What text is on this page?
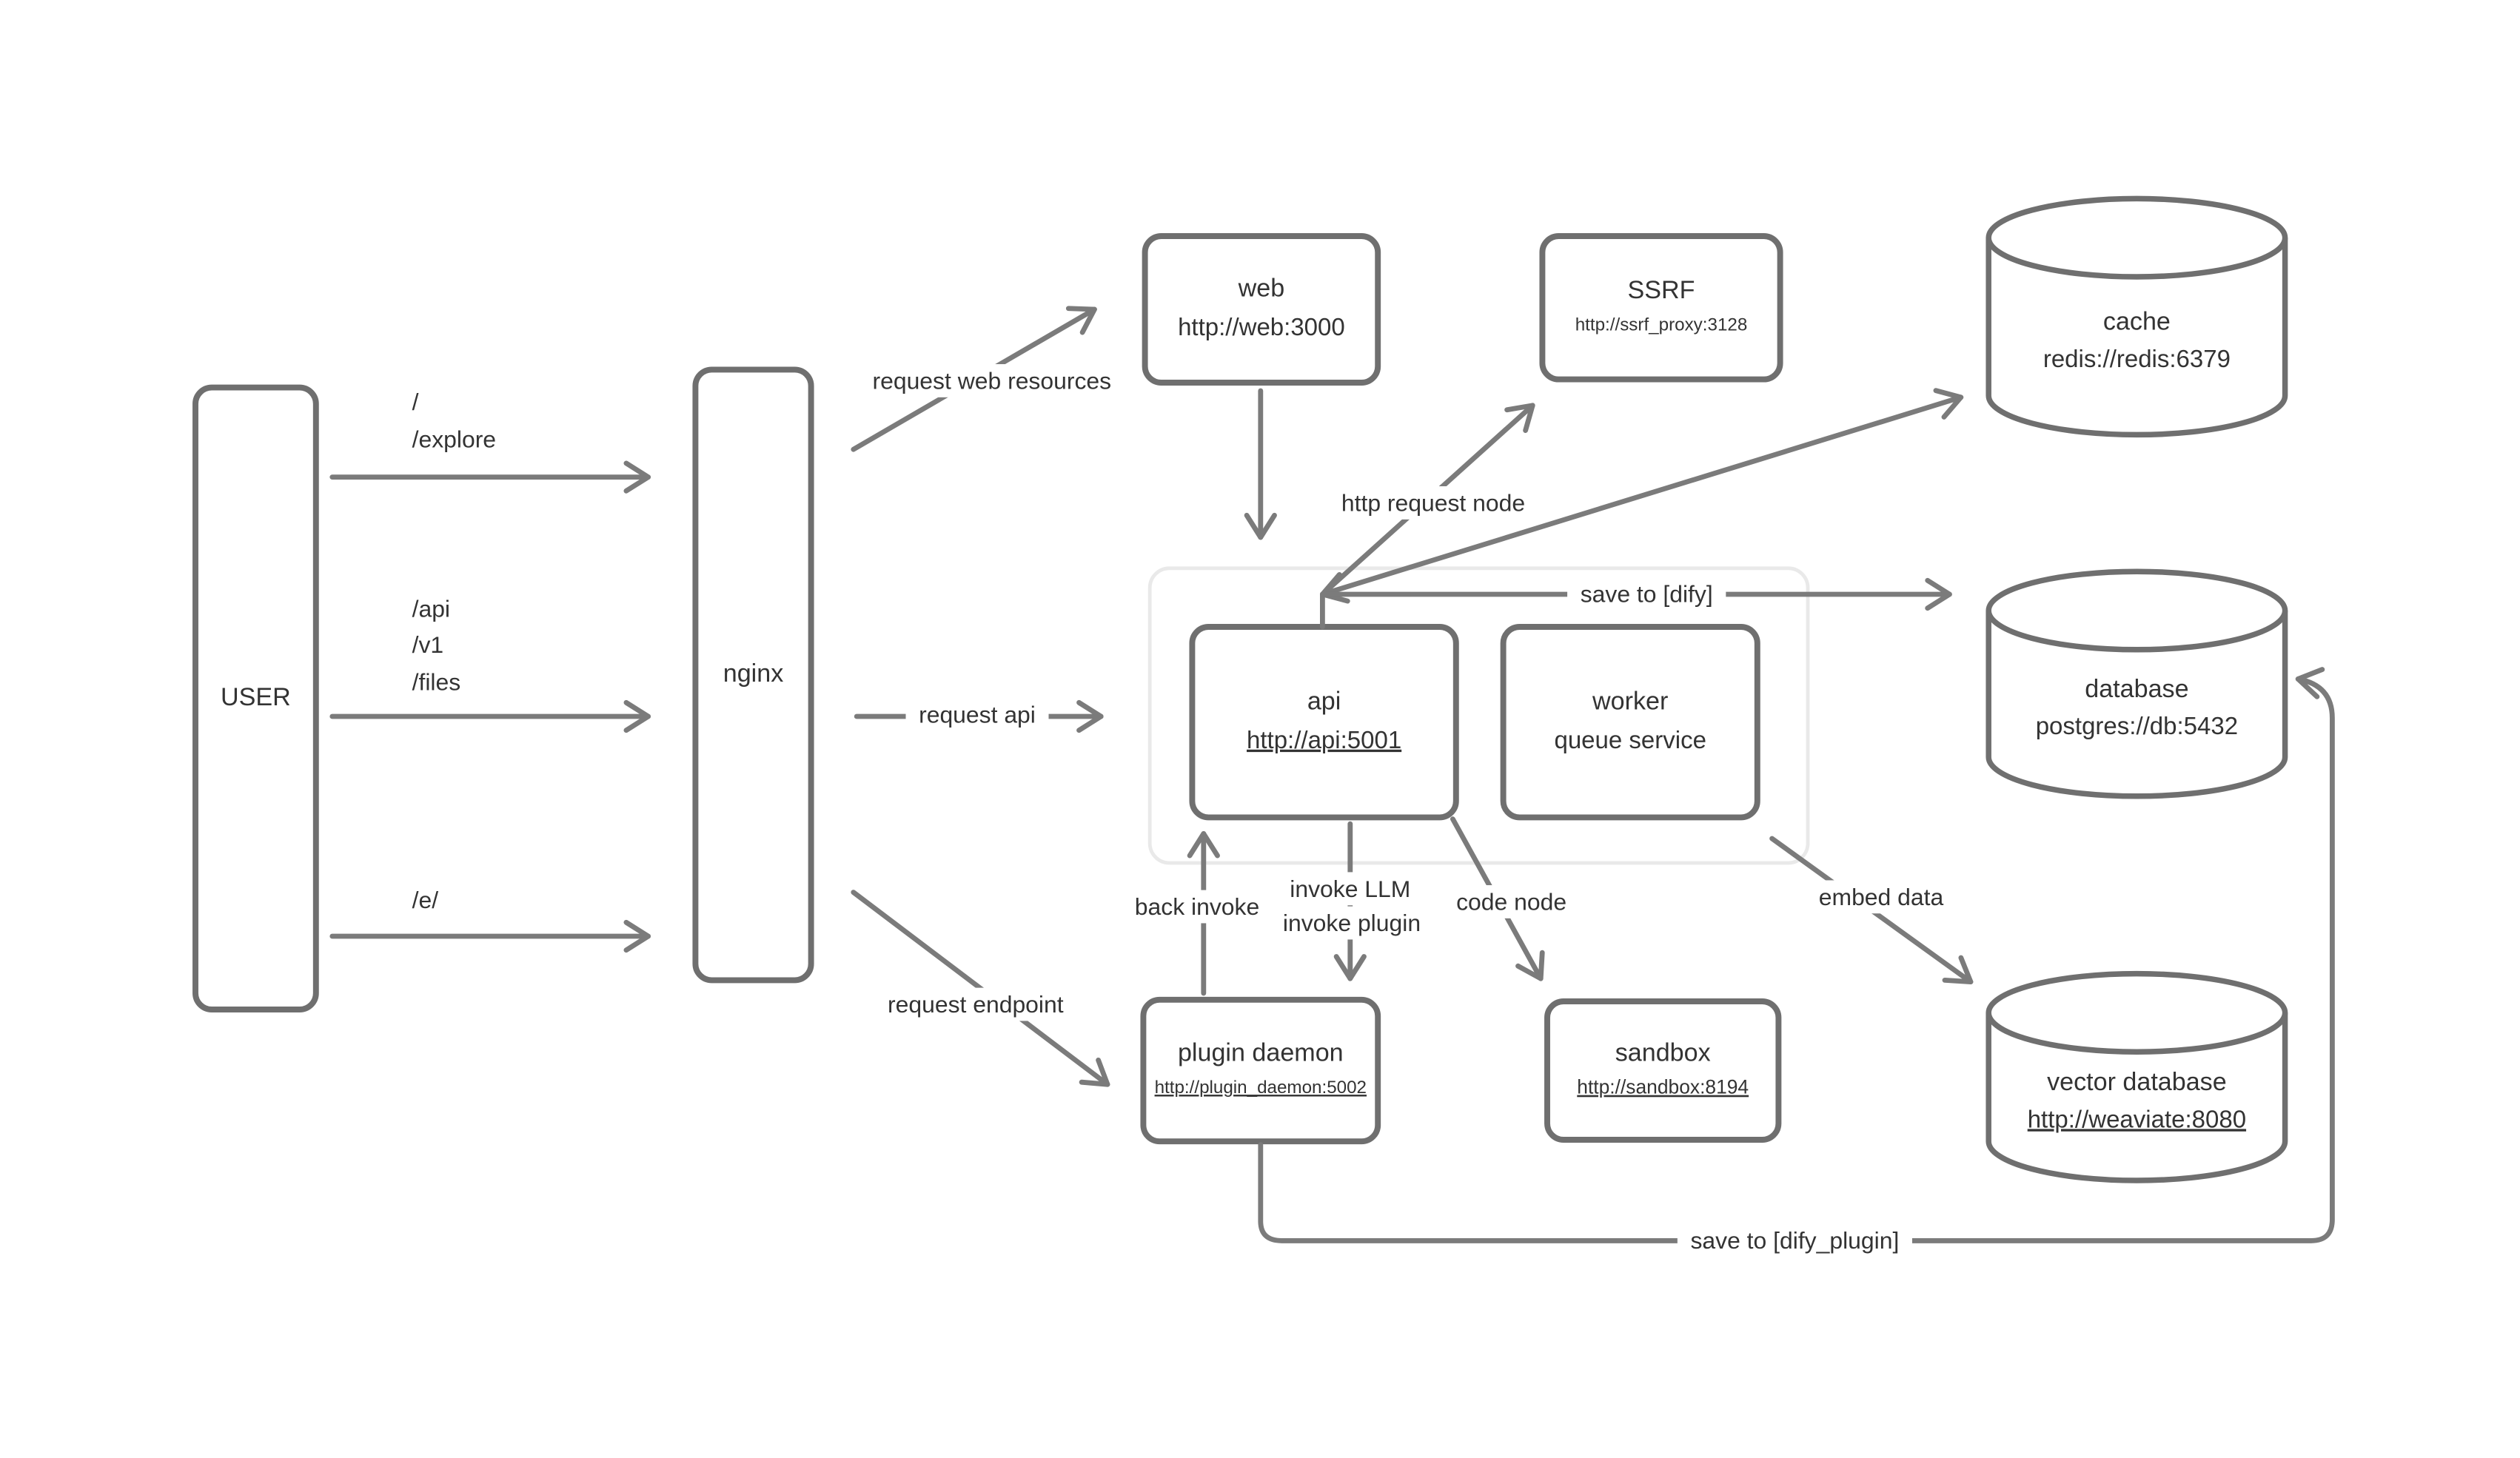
USER
nginx
web
http://web:3000
SSRF
http://ssrf_proxy:3128
api
http://api:5001
worker
queue service
plugin daemon
http://plugin_daemon:5002
sandbox
http://sandbox:8194
cache
redis://redis:6379
database
postgres://db:5432
vector database
http://weaviate:8080
/
/explore
/api
/v1
/files
/e/
request web resources
request api
request endpoint
http request node
save to [dify]
back invoke
invoke LLM
invoke plugin
code node	embed data
save to [dify_plugin]
